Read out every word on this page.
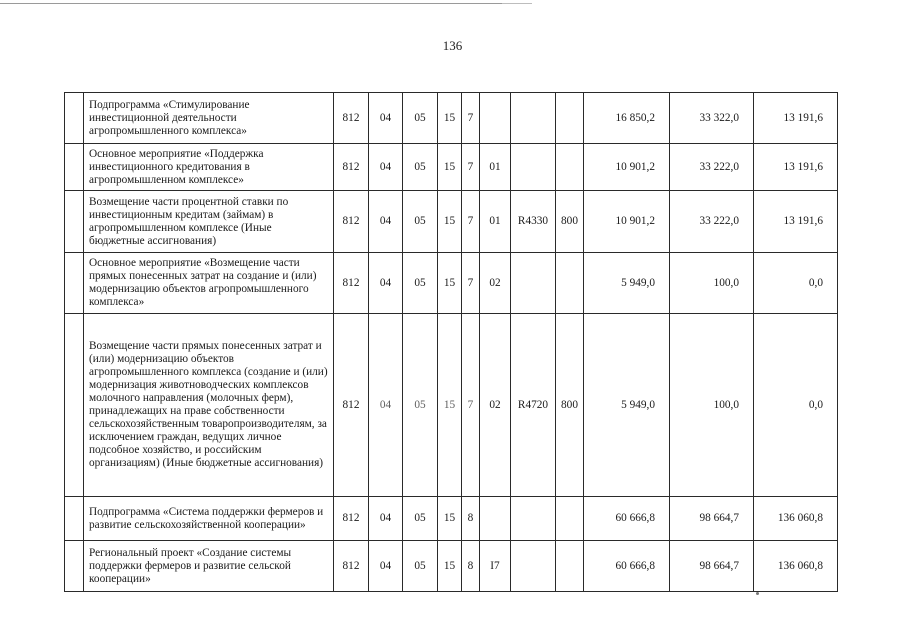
136
	Подпрограмма «Стимулирование инвестиционной деятельности агропромышленного комплекса»	812	04	05	15	7				16 850,2	33 322,0	13 191,6
	Основное мероприятие «Поддержка инвестиционного кредитования в агропромышленном комплексе»	812	04	05	15	7	01			10 901,2	33 222,0	13 191,6
	Возмещение части процентной ставки по инвестиционным кредитам (займам) в агропромышленном комплексе (Иные бюджетные ассигнования)	812	04	05	15	7	01	R4330	800	10 901,2	33 222,0	13 191,6
	Основное мероприятие «Возмещение части прямых понесенных затрат на создание и (или) модернизацию объектов агропромышленного комплекса»	812	04	05	15	7	02			5 949,0	100,0	0,0
	Возмещение части прямых понесенных затрат и (или) модернизацию объектов агропромышленного комплекса (создание и (или) модернизация животноводческих комплексов молочного направления (молочных ферм), принадлежащих на праве собственности сельскохозяйственным товаропроизводителям, за исключением граждан, ведущих личное подсобное хозяйство, и российским организациям) (Иные бюджетные ассигнования)	812	04	05	15	7	02	R4720	800	5 949,0	100,0	0,0
	Подпрограмма «Система поддержки фермеров и развитие сельскохозяйственной кооперации»	812	04	05	15	8				60 666,8	98 664,7	136 060,8
	Региональный проект «Создание системы поддержки фермеров и развитие сельской кооперации»	812	04	05	15	8	I7			60 666,8	98 664,7	136 060,8
